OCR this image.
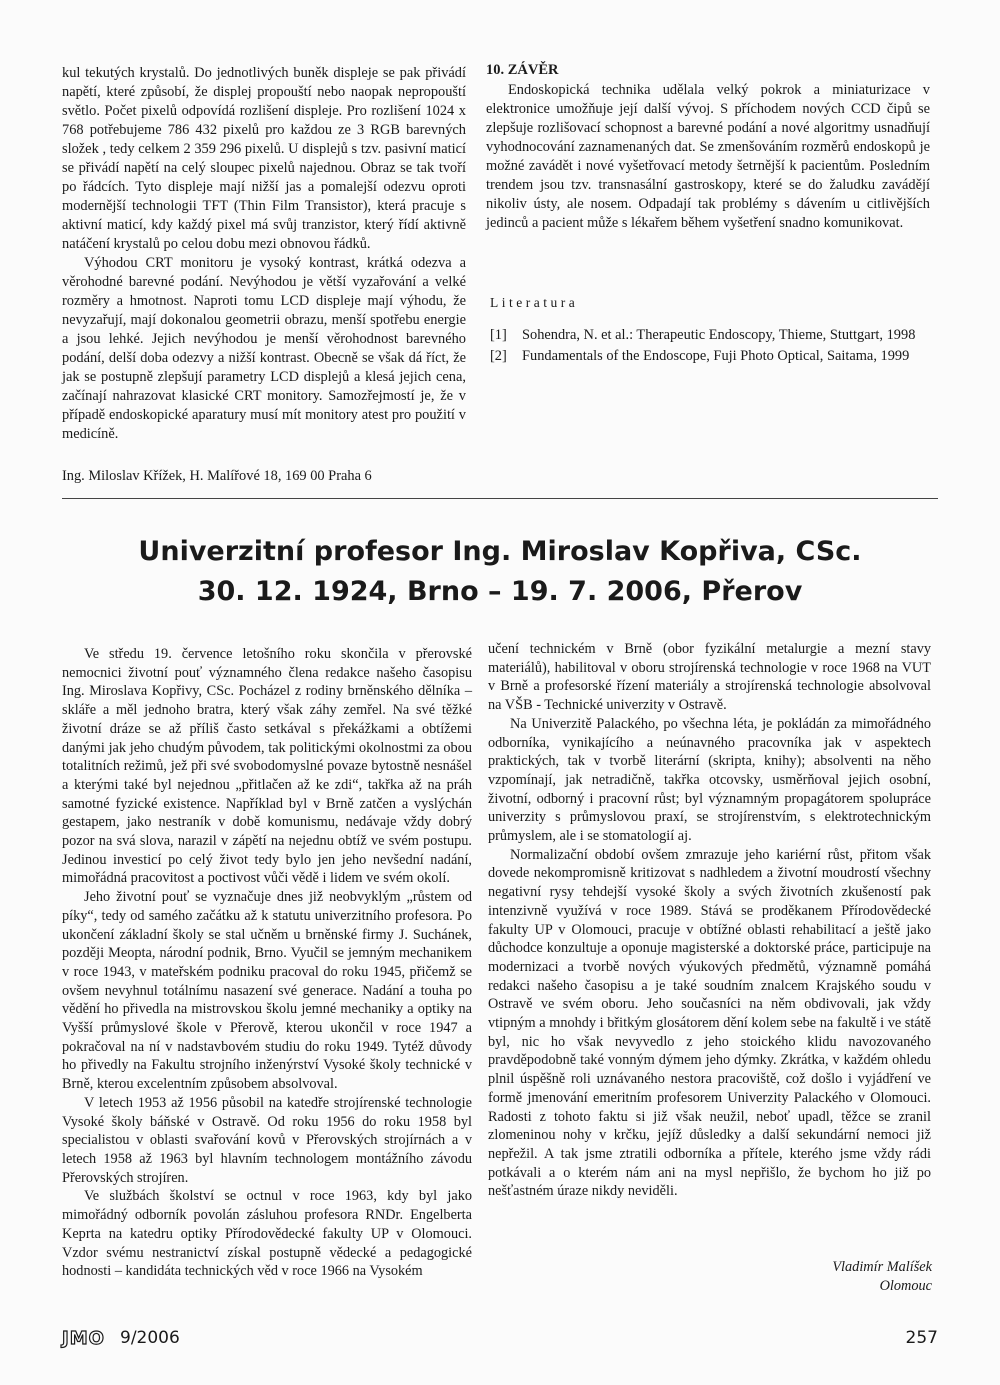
kul tekutých krystalů. Do jednotlivých buněk displeje se pak přivádí napětí, které způsobí, že displej propouští nebo naopak nepropouští světlo. Počet pixelů odpovídá rozlišení displeje. Pro rozlišení 1024 x 768 potřebujeme 786 432 pixelů pro každou ze 3 RGB barevných složek , tedy celkem 2 359 296 pixelů. U displejů s tzv. pasivní maticí se přivádí napětí na celý sloupec pixelů najednou. Obraz se tak tvoří po řádcích. Tyto displeje mají nižší jas a pomalejší odezvu oproti modernější technologii TFT (Thin Film Transistor), která pracuje s aktivní maticí, kdy každý pixel má svůj tranzistor, který řídí aktivně natáčení krystalů po celou dobu mezi obnovou řádků.

Výhodou CRT monitoru je vysoký kontrast, krátká odezva a věrohodné barevné podání. Nevýhodou je větší vyzařování a velké rozměry a hmotnost. Naproti tomu LCD displeje mají výhodu, že nevyzařují, mají dokonalou geometrii obrazu, menší spotřebu energie a jsou lehké. Jejich nevýhodou je menší věrohodnost barevného podání, delší doba odezvy a nižší kontrast. Obecně se však dá říct, že jak se postupně zlepšují parametry LCD displejů a klesá jejich cena, začínají nahrazovat klasické CRT monitory. Samozřejmostí je, že v případě endoskopické aparatury musí mít monitory atest pro použití v medicíně.

10. ZÁVĚR

Endoskopická technika udělala velký pokrok a miniaturizace v elektronice umožňuje její další vývoj. S příchodem nových CCD čipů se zlepšuje rozlišovací schopnost a barevné podání a nové algoritmy usnadňují vyhodnocování zaznamenaných dat. Se zmenšováním rozměrů endoskopů je možné zavádět i nové vyšetřovací metody šetrnější k pacientům. Posledním trendem jsou tzv. transnasální gastroskopy, které se do žaludku zavádějí nikoliv ústy, ale nosem. Odpadají tak problémy s dávením u citlivějších jedinců a pacient může s lékařem během vyšetření snadno komunikovat.

Literatura
[1]	Sohendra, N. et al.: Therapeutic Endoscopy, Thieme, Stuttgart, 1998
[2]	Fundamentals of the Endoscope, Fuji Photo Optical, Saitama, 1999
Ing. Miloslav Křížek, H. Malířové 18, 169 00 Praha 6
Univerzitní profesor Ing. Miroslav Kopřiva, CSc.
30. 12. 1924, Brno – 19. 7. 2006, Přerov

Ve středu 19. července letošního roku skončila v přerovské nemocnici životní pouť významného člena redakce našeho časopisu Ing. Miroslava Kopřivy, CSc. Pocházel z rodiny brněnského dělníka – skláře a měl jednoho bratra, který však záhy zemřel. Na své těžké životní dráze se až příliš často setkával s překážkami a obtížemi danými jak jeho chudým původem, tak politickými okolnostmi za obou totalitních režimů, jež při své svobodomyslné povaze bytostně nesnášel a kterými také byl nejednou „přitlačen až ke zdi“, takřka až na práh samotné fyzické existence. Například byl v Brně zatčen a vyslýchán gestapem, jako nestraník v době komunismu, nedávaje vždy dobrý pozor na svá slova, narazil v zápětí na nejednu obtíž ve svém postupu. Jedinou investicí po celý život tedy bylo jen jeho nevšední nadání, mimořádná pracovitost a poctivost vůči vědě i lidem ve svém okolí.

Jeho životní pouť se vyznačuje dnes již neobvyklým „růstem od píky“, tedy od samého začátku až k statutu univerzitního profesora. Po ukončení základní školy se stal učněm u brněnské firmy J. Suchánek, později Meopta, národní podnik, Brno. Vyučil se jemným mechanikem v roce 1943, v mateřském podniku pracoval do roku 1945, přičemž se ovšem nevyhnul totálnímu nasazení své generace. Nadání a touha po vědění ho přivedla na mistrovskou školu jemné mechaniky a optiky na Vyšší průmyslové škole v Přerově, kterou ukončil v roce 1947 a pokračoval na ní v nadstavbovém studiu do roku 1949. Tytéž důvody ho přivedly na Fakultu strojního inženýrství Vysoké školy technické v Brně, kterou excelentním způsobem absolvoval.

V letech 1953 až 1956 působil na katedře strojírenské technologie Vysoké školy báňské v Ostravě. Od roku 1956 do roku 1958 byl specialistou v oblasti svařování kovů v Přerovských strojírnách a v letech 1958 až 1963 byl hlavním technologem montážního závodu Přerovských strojíren.

Ve službách školství se octnul v roce 1963, kdy byl jako mimořádný odborník povolán zásluhou profesora RNDr. Engelberta Keprta na katedru optiky Přírodovědecké fakulty UP v Olomouci. Vzdor svému nestranictví získal postupně vědecké a pedagogické hodnosti – kandidáta technických věd v roce 1966 na Vysokém

učení technickém v Brně (obor fyzikální metalurgie a mezní stavy materiálů), habilitoval v oboru strojírenská technologie v roce 1968 na VUT v Brně a profesorské řízení materiály a strojírenská technologie absolvoval na VŠB - Technické univerzity v Ostravě.

Na Univerzitě Palackého, po všechna léta, je pokládán za mimořádného odborníka, vynikajícího a neúnavného pracovníka jak v aspektech praktických, tak v tvorbě literární (skripta, knihy); absolventi na něho vzpomínají, jak netradičně, takřka otcovsky, usměrňoval jejich osobní, životní, odborný i pracovní růst; byl významným propagátorem spolupráce univerzity s průmyslovou praxí, se strojírenstvím, s elektrotechnickým průmyslem, ale i se stomatologií aj.

Normalizační období ovšem zmrazuje jeho kariérní růst, přitom však dovede nekompromisně kritizovat s nadhledem a životní moudrostí všechny negativní rysy tehdejší vysoké školy a svých životních zkušeností pak intenzivně využívá v roce 1989. Stává se proděkanem Přírodovědecké fakulty UP v Olomouci, pracuje v obtížné oblasti rehabilitací a ještě jako důchodce konzultuje a oponuje magisterské a doktorské práce, participuje na modernizaci a tvorbě nových výukových předmětů, významně pomáhá redakci našeho časopisu a je také soudním znalcem Krajského soudu v Ostravě ve svém oboru. Jeho současníci na něm obdivovali, jak vždy vtipným a mnohdy i břitkým glosátorem dění kolem sebe na fakultě i ve státě byl, nic ho však nevyvedlo z jeho stoického klidu navozovaného pravděpodobně také vonným dýmem jeho dýmky. Zkrátka, v každém ohledu plnil úspěšně roli uznávaného nestora pracoviště, což došlo i vyjádření ve formě jmenování emeritním profesorem Univerzity Palackého v Olomouci. Radosti z tohoto faktu si již však neužil, neboť upadl, těžce se zranil zlomeninou nohy v krčku, jejíž důsledky a další sekundární nemoci již nepřežil. A tak jsme ztratili odborníka a přítele, kterého jsme vždy rádi potkávali a o kterém nám ani na mysl nepřišlo, že bychom ho již po nešťastném úraze nikdy neviděli.

Vladimír Malíšek
Olomouc
JMO 9/2006	257
